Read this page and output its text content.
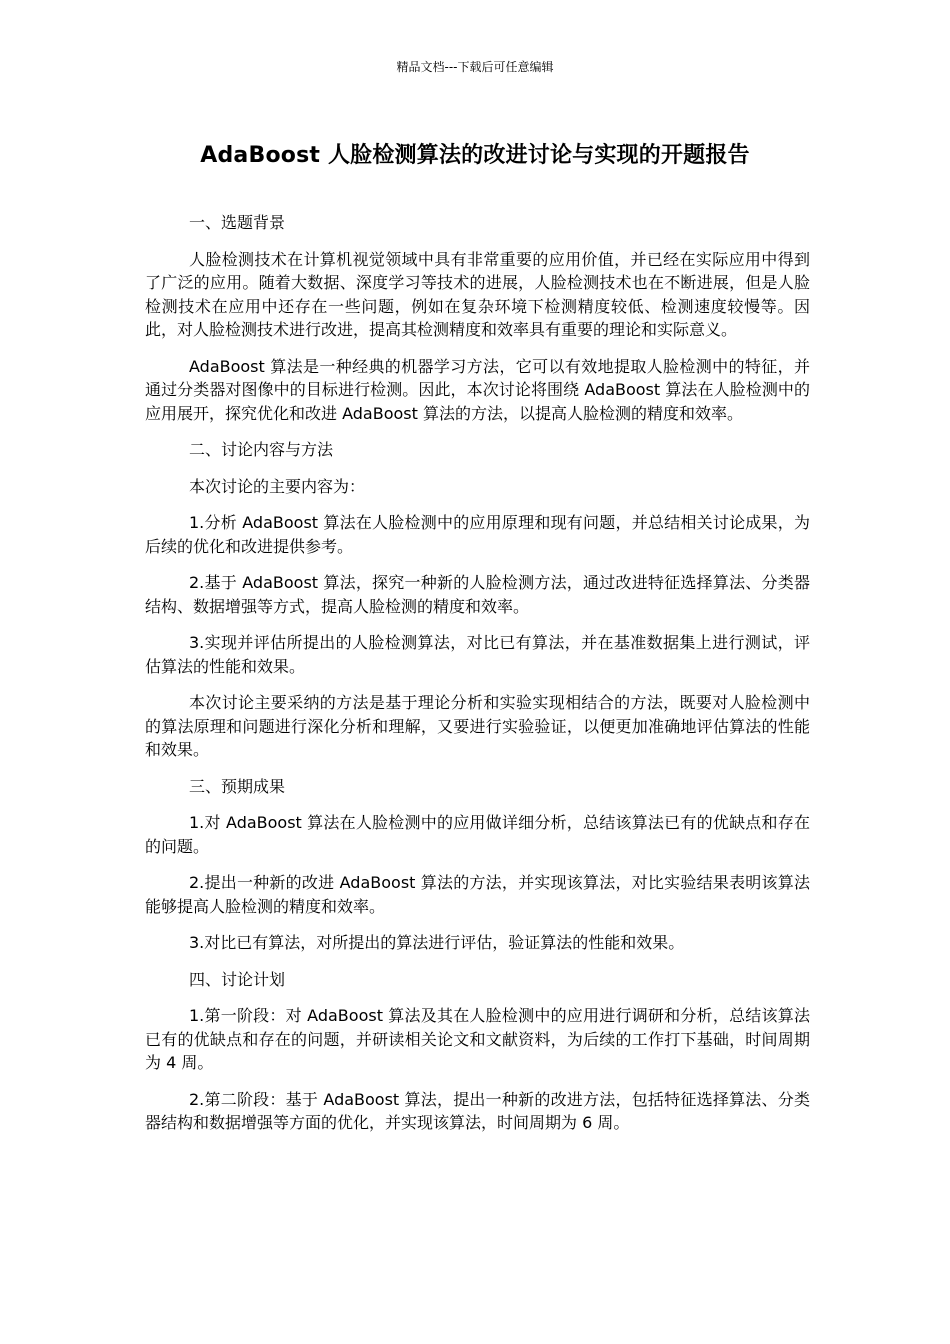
精品文档---下载后可任意编辑
AdaBoost 人脸检测算法的改进讨论与实现的开题报告

一、选题背景

人脸检测技术在计算机视觉领域中具有非常重要的应用价值，并已经在实际应用中得到了广泛的应用。随着大数据、深度学习等技术的进展，人脸检测技术也在不断进展，但是人脸检测技术在应用中还存在一些问题，例如在复杂环境下检测精度较低、检测速度较慢等。因此，对人脸检测技术进行改进，提高其检测精度和效率具有重要的理论和实际意义。

AdaBoost 算法是一种经典的机器学习方法，它可以有效地提取人脸检测中的特征，并通过分类器对图像中的目标进行检测。因此，本次讨论将围绕 AdaBoost 算法在人脸检测中的应用展开，探究优化和改进 AdaBoost 算法的方法，以提高人脸检测的精度和效率。

二、讨论内容与方法

本次讨论的主要内容为：

1.分析 AdaBoost 算法在人脸检测中的应用原理和现有问题，并总结相关讨论成果，为后续的优化和改进提供参考。

2.基于 AdaBoost 算法，探究一种新的人脸检测方法，通过改进特征选择算法、分类器结构、数据增强等方式，提高人脸检测的精度和效率。

3.实现并评估所提出的人脸检测算法，对比已有算法，并在基准数据集上进行测试，评估算法的性能和效果。

本次讨论主要采纳的方法是基于理论分析和实验实现相结合的方法，既要对人脸检测中的算法原理和问题进行深化分析和理解，又要进行实验验证，以便更加准确地评估算法的性能和效果。

三、预期成果

1.对 AdaBoost 算法在人脸检测中的应用做详细分析，总结该算法已有的优缺点和存在的问题。

2.提出一种新的改进 AdaBoost 算法的方法，并实现该算法，对比实验结果表明该算法能够提高人脸检测的精度和效率。

3.对比已有算法，对所提出的算法进行评估，验证算法的性能和效果。

四、讨论计划

1.第一阶段：对 AdaBoost 算法及其在人脸检测中的应用进行调研和分析，总结该算法已有的优缺点和存在的问题，并研读相关论文和文献资料，为后续的工作打下基础，时间周期为 4 周。

2.第二阶段：基于 AdaBoost 算法，提出一种新的改进方法，包括特征选择算法、分类器结构和数据增强等方面的优化，并实现该算法，时间周期为 6 周。
